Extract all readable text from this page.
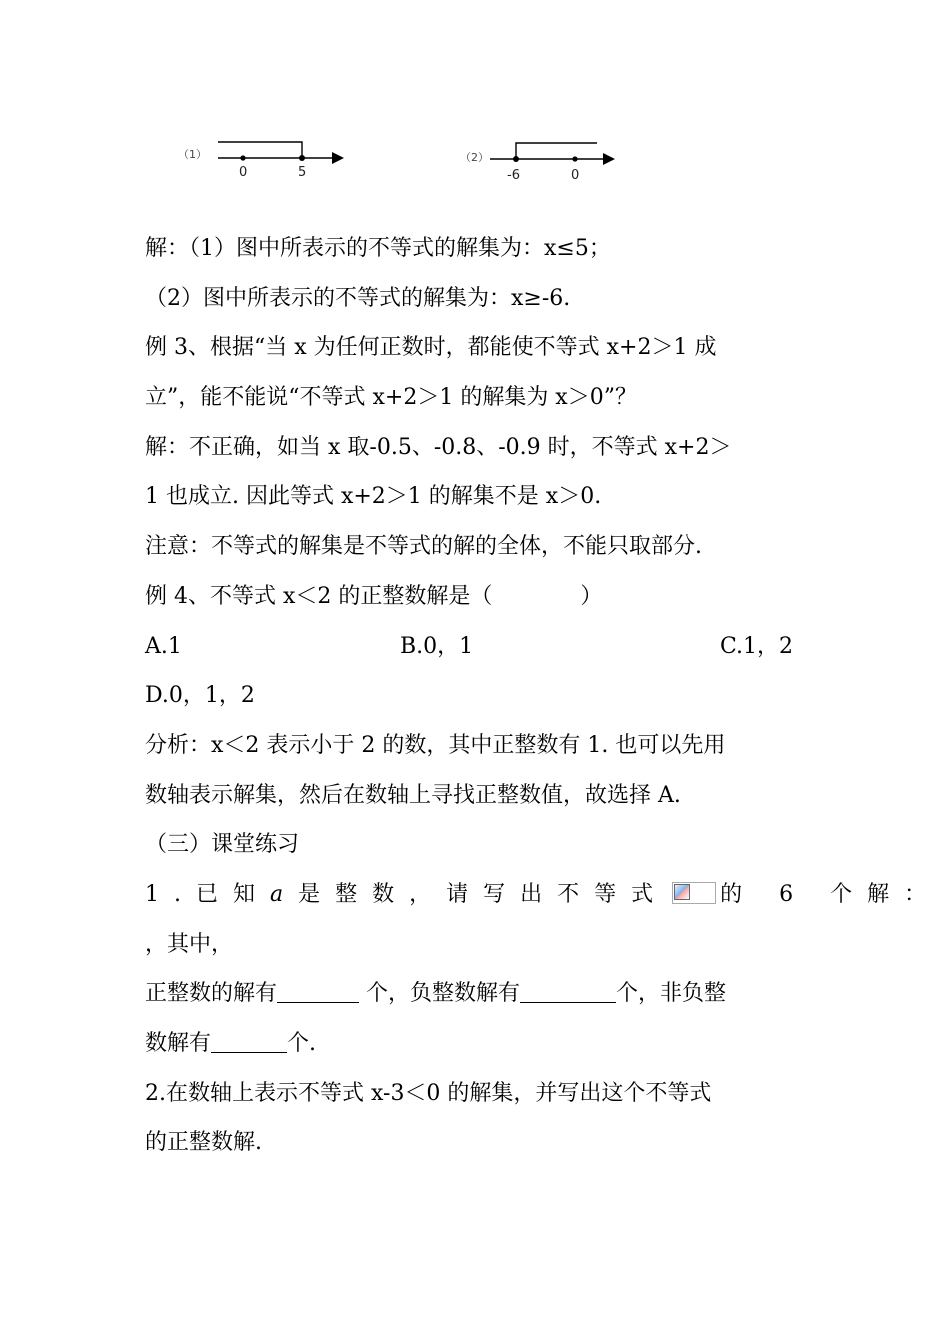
（1）
0	5
（2）
-6	0
解：（1）图中所表示的不等式的解集为：x≤5；
（2）图中所表示的不等式的解集为：x≥-6.
例 3、根据“当 x 为任何正数时，都能使不等式 x+2＞1 成
立”，能不能说“不等式 x+2＞1 的解集为 x＞0”？
解：不正确，如当 x 取-0.5、-0.8、-0.9 时，不等式 x+2＞
1 也成立. 因此等式 x+2＞1 的解集不是 x＞0.
注意：不等式的解集是不等式的解的全体，不能只取部分.
例 4、不等式 x＜2 的正整数解是（　　　　）
A.1	B.0，1	C.1，2
D.0，1，2
分析：x＜2 表示小于 2 的数，其中正整数有 1. 也可以先用
数轴表示解集，然后在数轴上寻找正整数值，故选择 A.
（三）课堂练习
1.已知a 是整数，请写出不等式 的 6 个解：
，其中，
正整数的解有	个，负整数解有	个，非负整
数解有	个.
2.在数轴上表示不等式 x-3＜0 的解集，并写出这个不等式
的正整数解.
